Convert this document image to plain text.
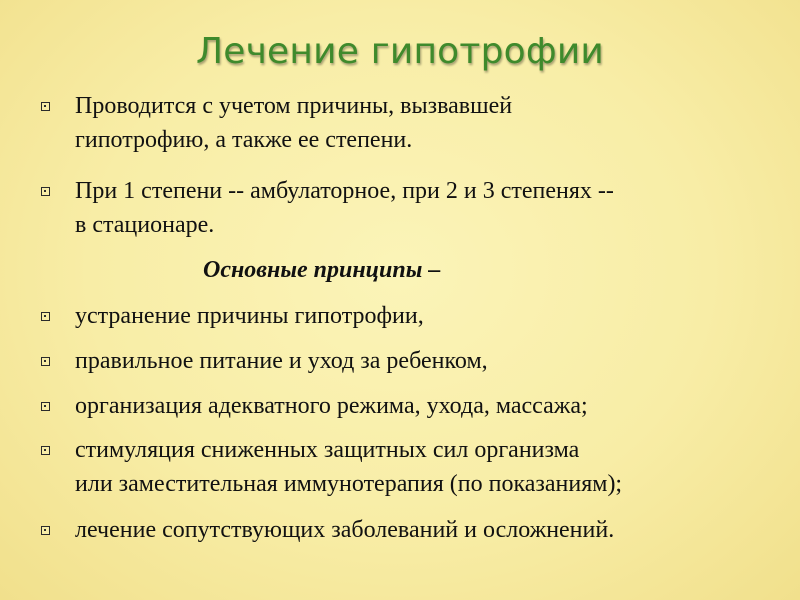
Лечение гипотрофии
Проводится с учетом причины, вызвавшей
гипотрофию, а также ее степени.
При 1 степени -- амбулаторное, при 2 и 3 степенях --
в стационаре.
Основные принципы –
устранение причины гипотрофии,
правильное питание и уход за ребенком,
организация адекватного режима, ухода, массажа;
стимуляция сниженных защитных сил организма
или заместительная иммунотерапия (по показаниям);
лечение сопутствующих заболеваний и осложнений.
